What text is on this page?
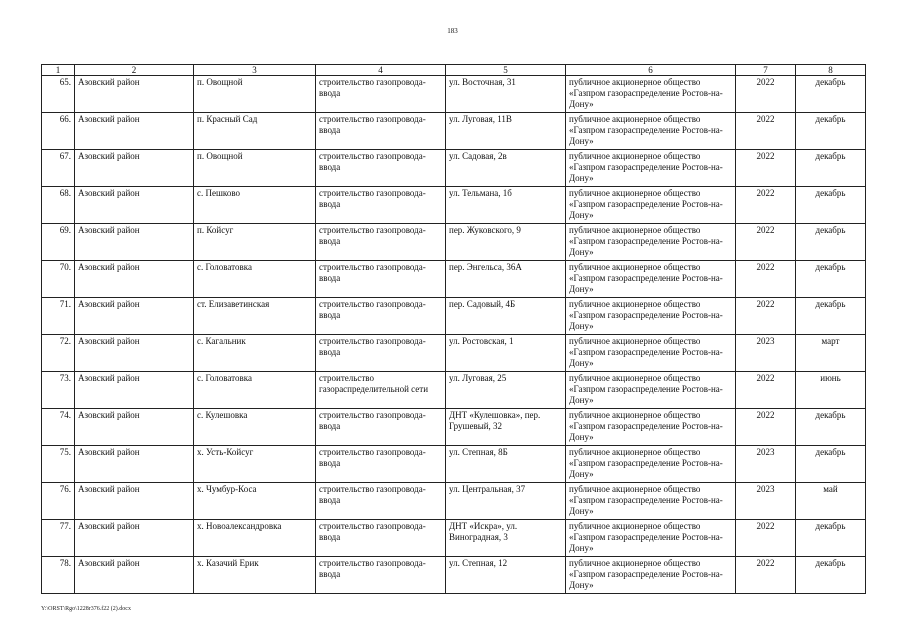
183
1	2	3	4	5	6	7	8
65.	Азовский район	п. Овощной	строительство газопровода-ввода	ул. Восточная, 31	публичное акционерное общество «Газпром газораспределение Ростов-на-Дону»	2022	декабрь
66.	Азовский район	п. Красный Сад	строительство газопровода-ввода	ул. Луговая, 11В	публичное акционерное общество «Газпром газораспределение Ростов-на-Дону»	2022	декабрь
67.	Азовский район	п. Овощной	строительство газопровода-ввода	ул. Садовая, 2в	публичное акционерное общество «Газпром газораспределение Ростов-на-Дону»	2022	декабрь
68.	Азовский район	с. Пешково	строительство газопровода-ввода	ул. Тельмана, 1б	публичное акционерное общество «Газпром газораспределение Ростов-на-Дону»	2022	декабрь
69.	Азовский район	п. Койсуг	строительство газопровода-ввода	пер. Жуковского, 9	публичное акционерное общество «Газпром газораспределение Ростов-на-Дону»	2022	декабрь
70.	Азовский район	с. Головатовка	строительство газопровода-ввода	пер. Энгельса, 36А	публичное акционерное общество «Газпром газораспределение Ростов-на-Дону»	2022	декабрь
71.	Азовский район	ст. Елизаветинская	строительство газопровода-ввода	пер. Садовый, 4Б	публичное акционерное общество «Газпром газораспределение Ростов-на-Дону»	2022	декабрь
72.	Азовский район	с. Кагальник	строительство газопровода-ввода	ул. Ростовская, 1	публичное акционерное общество «Газпром газораспределение Ростов-на-Дону»	2023	март
73.	Азовский район	с. Головатовка	строительство газораспределительной сети	ул. Луговая, 25	публичное акционерное общество «Газпром газораспределение Ростов-на-Дону»	2022	июнь
74.	Азовский район	с. Кулешовка	строительство газопровода-ввода	ДНТ «Кулешовка», пер. Грушевый, 32	публичное акционерное общество «Газпром газораспределение Ростов-на-Дону»	2022	декабрь
75.	Азовский район	х. Усть-Койсуг	строительство газопровода-ввода	ул. Степная, 8Б	публичное акционерное общество «Газпром газораспределение Ростов-на-Дону»	2023	декабрь
76.	Азовский район	х. Чумбур-Коса	строительство газопровода-ввода	ул. Центральная, 37	публичное акционерное общество «Газпром газораспределение Ростов-на-Дону»	2023	май
77.	Азовский район	х. Новоалександровка	строительство газопровода-ввода	ДНТ «Искра», ул. Виноградная, 3	публичное акционерное общество «Газпром газораспределение Ростов-на-Дону»	2022	декабрь
78.	Азовский район	х. Казачий Ерик	строительство газопровода-ввода	ул. Степная, 12	публичное акционерное общество «Газпром газораспределение Ростов-на-Дону»	2022	декабрь
Y:\ORST\Rgo\1228r376.f22 (2).docx
